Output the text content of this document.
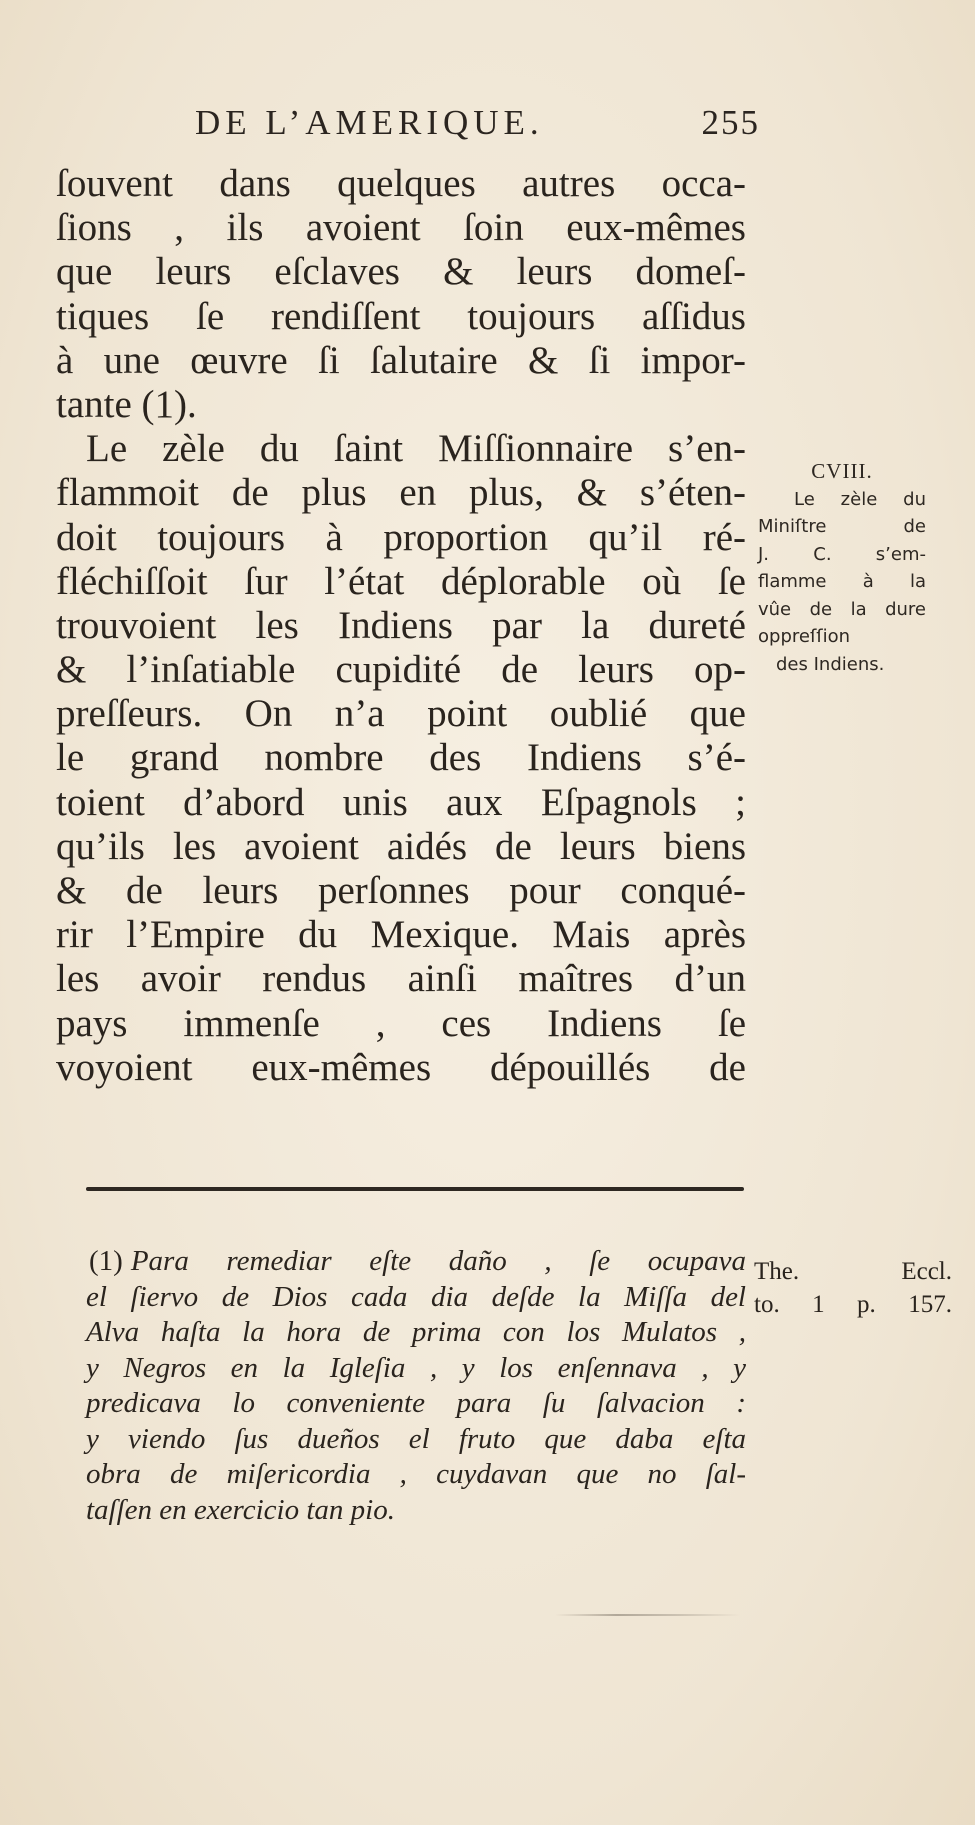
DE L’AMERIQUE.	255
ſouvent dans quelques autres occa-
ſions , ils avoient ſoin eux-mêmes
que leurs eſclaves & leurs domeſ-
tiques ſe rendiſſent toujours aſſidus
à une œuvre ſi ſalutaire & ſi impor-
tante (1).
Le zèle du ſaint Miſſionnaire s’en-
flammoit de plus en plus, & s’éten-
doit toujours à proportion qu’il ré-
fléchiſſoit ſur l’état déplorable où ſe
trouvoient les Indiens par la dureté
& l’inſatiable cupidité de leurs op-
preſſeurs. On n’a point oublié que
le grand nombre des Indiens s’é-
toient d’abord unis aux Eſpagnols ;
qu’ils les avoient aidés de leurs biens
& de leurs perſonnes pour conqué-
rir l’Empire du Mexique. Mais après
les avoir rendus ainſi maîtres d’un
pays immenſe , ces Indiens ſe
voyoient eux-mêmes dépouillés de
CVIII.
Le zèle du
Miniſtre de
J. C. s’em-
flamme à la
vûe de la dure
oppreſſion
des Indiens.
(1) Para remediar eſte daño , ſe ocupava
el ſiervo de Dios cada dia deſde la Miſſa del
Alva haſta la hora de prima con los Mulatos ,
y Negros en la Igleſia , y los enſennava , y
predicava lo conveniente para ſu ſalvacion :
y viendo ſus dueños el fruto que daba eſta
obra de miſericordia , cuydavan que no ſal-
taſſen en exercicio tan pio.
The. Eccl.
to. 1 p. 157.
